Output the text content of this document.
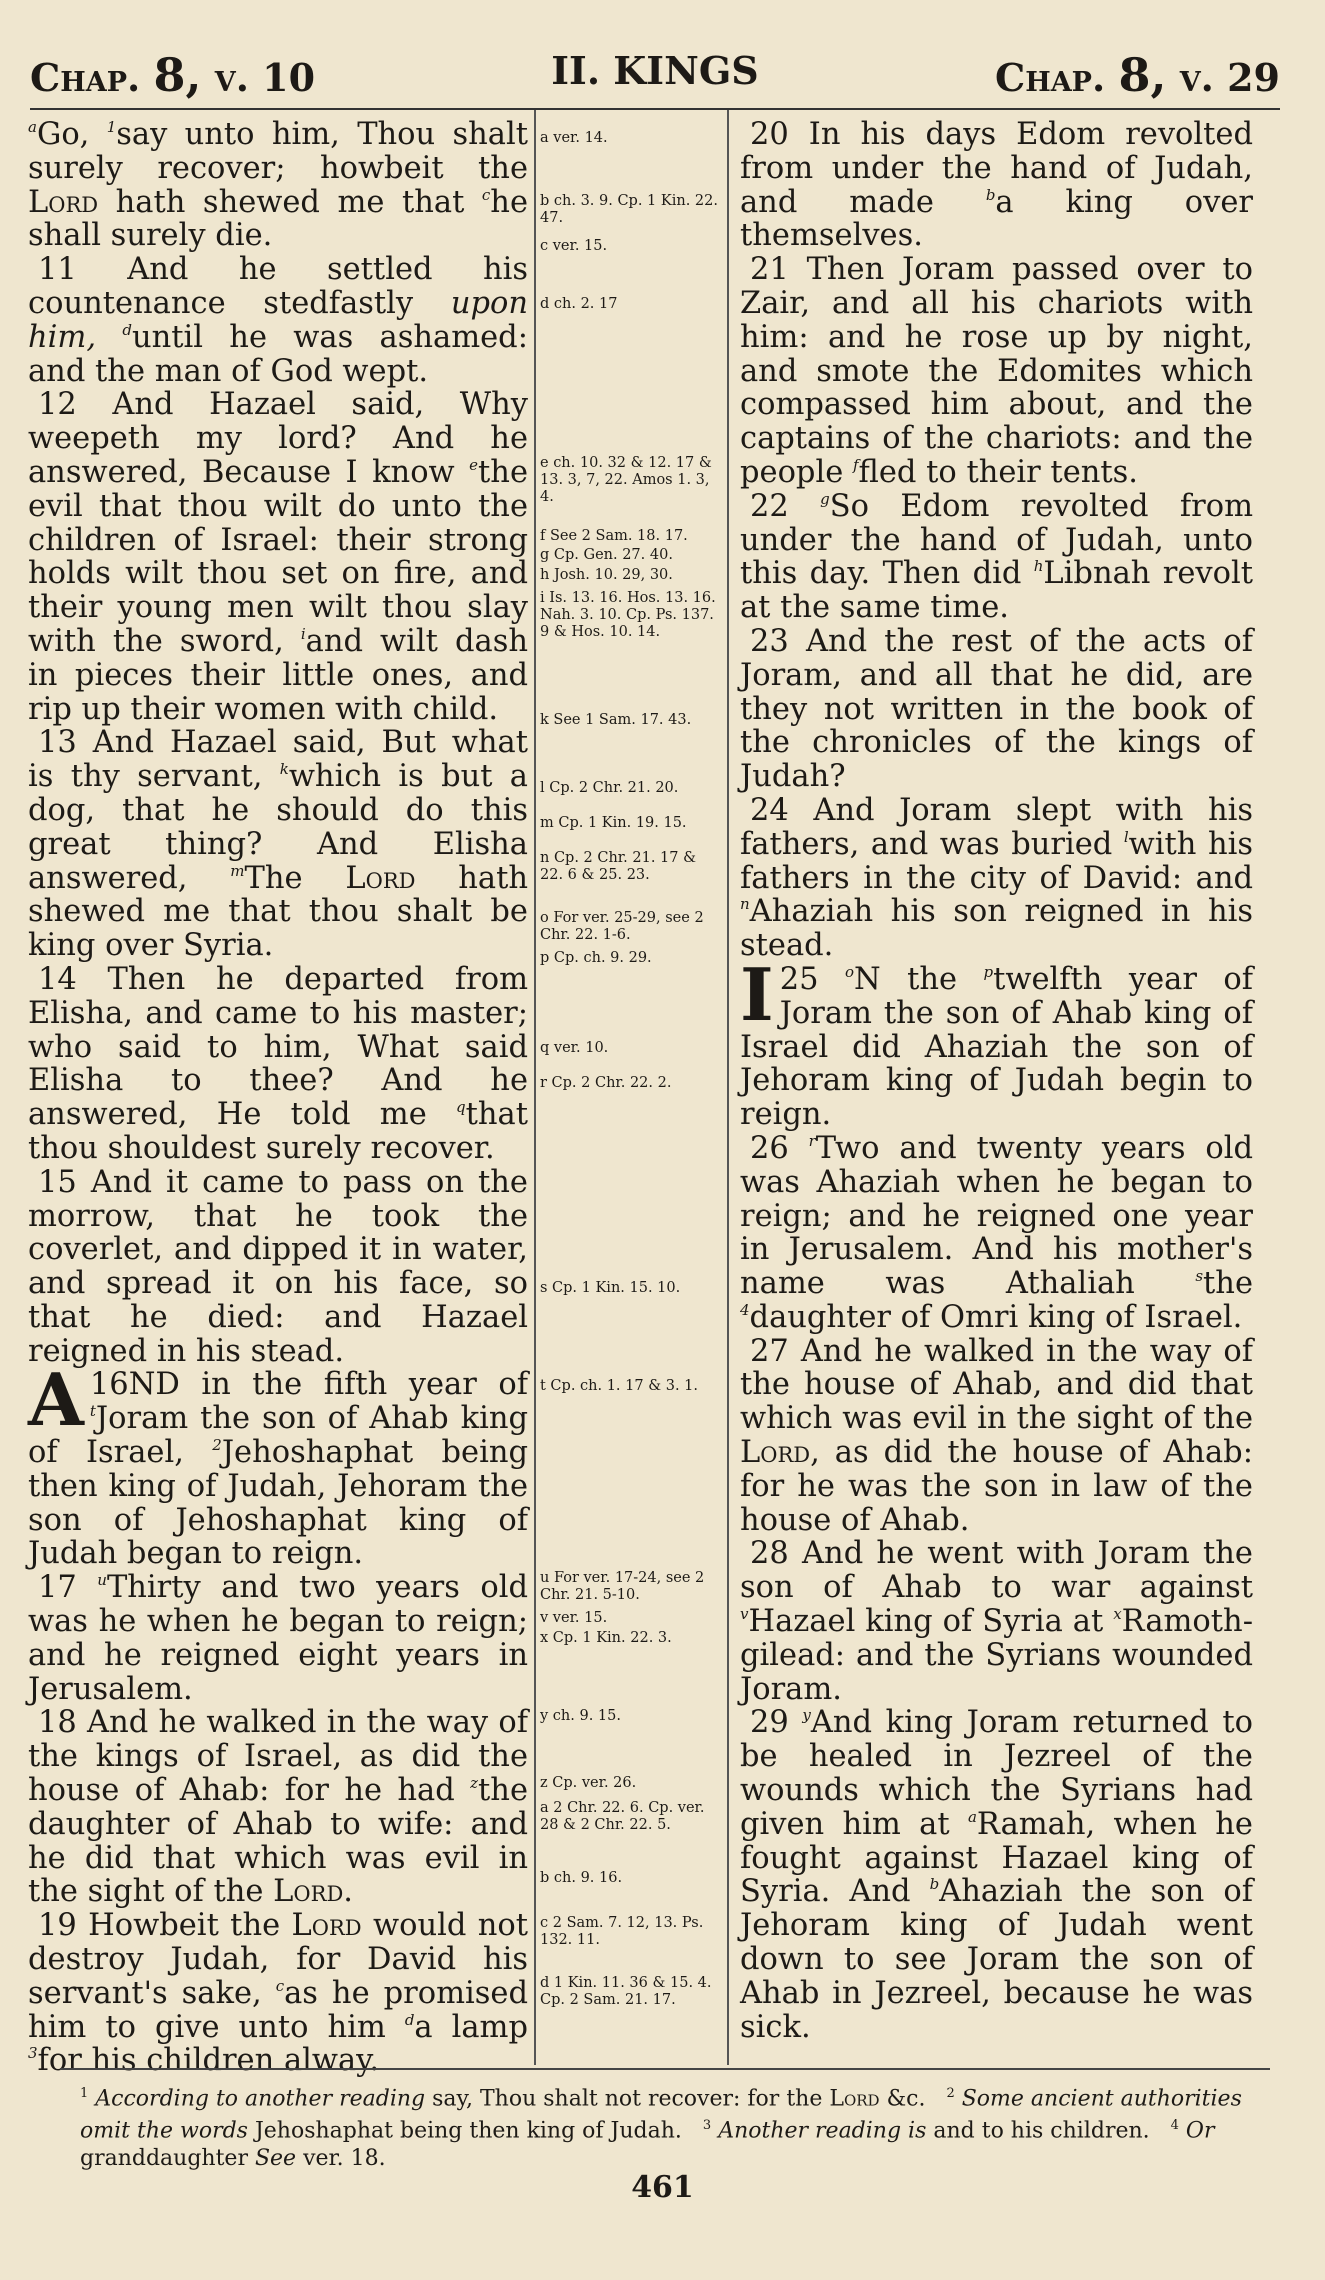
Chap. 8, v. 10	II. KINGS	Chap. 8, v. 29

$^a$Go, $^1$say unto him, Thou shalt surely recover; howbeit the Lord hath shewed me that $^c$he shall surely die.

11 And he settled his countenance stedfastly upon him, $^d$until he was ashamed: and the man of God wept.

12 And Hazael said, Why weepeth my lord? And he answered, Because I know $^e$the evil that thou wilt do unto the children of Israel: their strong holds wilt thou set on fire, and their young men wilt thou slay with the sword, $^i$and wilt dash in pieces their little ones, and rip up their women with child.

13 And Hazael said, But what is thy servant, $^k$which is but a dog, that he should do this great thing? And Elisha answered, $^m$The Lord hath shewed me that thou shalt be king over Syria.

14 Then he departed from Elisha, and came to his master; who said to him, What said Elisha to thee? And he answered, He told me $^q$that thou shouldest surely recover.

15 And it came to pass on the morrow, that he took the coverlet, and dipped it in water, and spread it on his face, so that he died: and Hazael reigned in his stead.

16
A ND in the fifth year of $^t$Joram the son of Ahab king of Israel, $^2$Jehoshaphat being then king of Judah, Jehoram the son of Jehoshaphat king of Judah began to reign.

17 $^u$Thirty and two years old was he when he began to reign; and he reigned eight years in Jerusalem.

18 And he walked in the way of the kings of Israel, as did the house of Ahab: for he had $^z$the daughter of Ahab to wife: and he did that which was evil in the sight of the Lord.

19 Howbeit the Lord would not destroy Judah, for David his servant's sake, $^c$as he promised him to give unto him $^d$a lamp $^3$for his children alway.

a ver. 14.
b ch. 3. 9. Cp. 1 Kin. 22. 47.
c ver. 15.
d ch. 2. 17
e ch. 10. 32 & 12. 17 & 13. 3, 7, 22. Amos 1. 3, 4.
f See 2 Sam. 18. 17.
g Cp. Gen. 27. 40.
h Josh. 10. 29, 30.
i Is. 13. 16. Hos. 13. 16. Nah. 3. 10. Cp. Ps. 137. 9 & Hos. 10. 14.
k See 1 Sam. 17. 43.
l Cp. 2 Chr. 21. 20.
m Cp. 1 Kin. 19. 15.
n Cp. 2 Chr. 21. 17 & 22. 6 & 25. 23.
o For ver. 25-29, see 2 Chr. 22. 1-6.
p Cp. ch. 9. 29.
q ver. 10.
r Cp. 2 Chr. 22. 2.
s Cp. 1 Kin. 15. 10.
t Cp. ch. 1. 17 & 3. 1.
u For ver. 17-24, see 2 Chr. 21. 5-10.
v ver. 15.
x Cp. 1 Kin. 22. 3.
y ch. 9. 15.
z Cp. ver. 26.
a 2 Chr. 22. 6. Cp. ver. 28 & 2 Chr. 22. 5.
b ch. 9. 16.
c 2 Sam. 7. 12, 13. Ps. 132. 11.
d 1 Kin. 11. 36 & 15. 4. Cp. 2 Sam. 21. 17.

20 In his days Edom revolted from under the hand of Judah, and made $^b$a king over themselves.

21 Then Joram passed over to Zair, and all his chariots with him: and he rose up by night, and smote the Edomites which compassed him about, and the captains of the chariots: and the people $^f$fled to their tents.

22 $^g$So Edom revolted from under the hand of Judah, unto this day. Then did $^h$Libnah revolt at the same time.

23 And the rest of the acts of Joram, and all that he did, are they not written in the book of the chronicles of the kings of Judah?

24 And Joram slept with his fathers, and was buried $^l$with his fathers in the city of David: and $^n$Ahaziah his son reigned in his stead.

25 $^o$
I	N the $^p$twelfth year of Joram the son of Ahab king of Israel did Ahaziah the son of Jehoram king of Judah begin to reign.

26 $^r$Two and twenty years old was Ahaziah when he began to reign; and he reigned one year in Jerusalem. And his mother's name was Athaliah $^s$the $^4$daughter of Omri king of Israel.

27 And he walked in the way of the house of Ahab, and did that which was evil in the sight of the Lord, as did the house of Ahab: for he was the son in law of the house of Ahab.

28 And he went with Joram the son of Ahab to war against $^v$Hazael king of Syria at $^x$Ramoth-gilead: and the Syrians wounded Joram.

29 $^y$And king Joram returned to be healed in Jezreel of the wounds which the Syrians had given him at $^a$Ramah, when he fought against Hazael king of Syria. And $^b$Ahaziah the son of Jehoram king of Judah went down to see Joram the son of Ahab in Jezreel, because he was sick.

$^1$ According to another reading say, Thou shalt not recover: for the Lord &c. $^2$ Some ancient authorities omit the words Jehoshaphat being then king of Judah. $^3$ Another reading is and to his children. $^4$ Or granddaughter See ver. 18.

461
